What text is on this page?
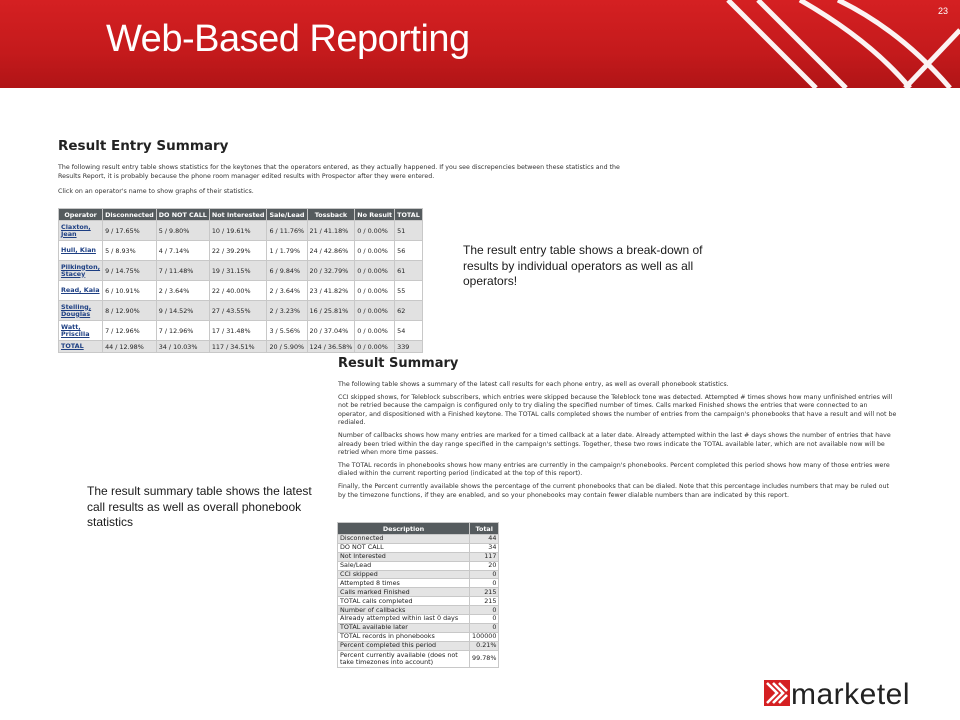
Web-Based Reporting
23
Result Entry Summary

The following result entry table shows statistics for the keytones that the operators entered, as they actually happened. If you see discrepencies between these statistics and the Results Report, it is probably because the phone room manager edited results with Prospector after they were entered.

Click on an operator's name to show graphs of their statistics.

Operator	Disconnected	DO NOT CALL	Not Interested	Sale/Lead	Tossback	No Result	TOTAL
Claxton, Jean	9 / 17.65%	5 / 9.80%	10 / 19.61%	6 / 11.76%	21 / 41.18%	0 / 0.00%	51
Hull, Kian	5 / 8.93%	4 / 7.14%	22 / 39.29%	1 / 1.79%	24 / 42.86%	0 / 0.00%	56
Pilkington, Stacey	9 / 14.75%	7 / 11.48%	19 / 31.15%	6 / 9.84%	20 / 32.79%	0 / 0.00%	61
Read, Kaia	6 / 10.91%	2 / 3.64%	22 / 40.00%	2 / 3.64%	23 / 41.82%	0 / 0.00%	55
Stelling, Douglas	8 / 12.90%	9 / 14.52%	27 / 43.55%	2 / 3.23%	16 / 25.81%	0 / 0.00%	62
Watt, Priscilla	7 / 12.96%	7 / 12.96%	17 / 31.48%	3 / 5.56%	20 / 37.04%	0 / 0.00%	54
TOTAL	44 / 12.98%	34 / 10.03%	117 / 34.51%	20 / 5.90%	124 / 36.58%	0 / 0.00%	339

The result entry table shows a break-down of results by individual operators as well as all operators!

Result Summary

The following table shows a summary of the latest call results for each phone entry, as well as overall phonebook statistics.

CCI skipped shows, for Teleblock subscribers, which entries were skipped because the Teleblock tone was detected. Attempted # times shows how many unfinished entries will not be retried because the campaign is configured only to try dialing the specified number of times. Calls marked Finished shows the entries that were connected to an operator, and dispositioned with a Finished keytone. The TOTAL calls completed shows the number of entries from the campaign's phonebooks that have a result and will not be redialed.

Number of callbacks shows how many entries are marked for a timed callback at a later date. Already attempted within the last # days shows the number of entries that have already been tried within the day range specified in the campaign's settings. Together, these two rows indicate the TOTAL available later, which are not available now will be retried when more time passes.

The TOTAL records in phonebooks shows how many entries are currently in the campaign's phonebooks. Percent completed this period shows how many of those entries were dialed within the current reporting period (indicated at the top of this report).

Finally, the Percent currently available shows the percentage of the current phonebooks that can be dialed. Note that this percentage includes numbers that may be ruled out by the timezone functions, if they are enabled, and so your phonebooks may contain fewer dialable numbers than are indicated by this report.

Description	Total
Disconnected	44
DO NOT CALL	34
Not Interested	117
Sale/Lead	20
CCI skipped	0
Attempted 8 times	0
Calls marked Finished	215
TOTAL calls completed	215
Number of callbacks	0
Already attempted within last 0 days	0
TOTAL available later	0
TOTAL records in phonebooks	100000
Percent completed this period	0.21%
Percent currently available (does not take timezones into account)	99.78%

The result summary table shows the latest call results as well as overall phonebook statistics

marketel
